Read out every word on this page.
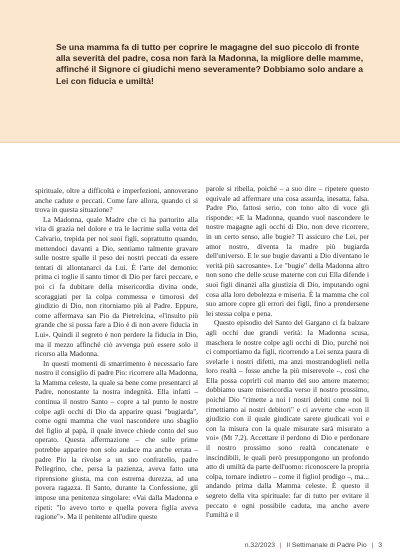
Se una mamma fa di tutto per coprire le magagne del suo piccolo di fronte alla severità del padre, cosa non farà la Madonna, la migliore delle mamme, affinché il Signore ci giudichi meno severamente? Dobbiamo solo andare a Lei con fiducia e umiltà!

spirituale, oltre a difficoltà e imperfezioni, annoverano anche cadute e peccati. Come fare allora, quando ci si trova in questa situazione?

La Madonna, quale Madre che ci ha partorito alla vita di grazia nel dolore e tra le lacrime sulla vetta del Calvario, trepida per noi suoi figli, soprattutto quando, mettendoci davanti a Dio, sentiamo talmente gravare sulle nostre spalle il peso dei nostri peccati da essere tentati di allontanarci da Lui. È l'arte del demonio: prima ci toglie il santo timor di Dio per farci peccare, e poi ci fa dubitare della misericordia divina onde, scoraggiati per la colpa commessa e timorosi del giudizio di Dio, non ritorniamo più al Padre. Eppure, come affermava san Pio da Pietrelcina, «l'insulto più grande che si possa fare a Dio è di non avere fiducia in Lui». Quindi il segreto è non perdere la fiducia in Dio, ma il mezzo affinché ciò avvenga può essere solo il ricorso alla Madonna.

In questi momenti di smarrimento è necessario fare nostro il consiglio di padre Pio: ricorrere alla Madonna, la Mamma celeste, la quale sa bene come presentarci al Padre, nonostante la nostra indegnità. Ella infatti – continua il nostro Santo – copre a tal punto le nostre colpe agli occhi di Dio da apparire quasi "bugiarda", come ogni mamma che vuol nascondere uno sbaglio del figlio al papà, il quale invece chiede conto del suo operato. Questa affermazione – che sulle prime potrebbe apparire non solo audace ma anche errata – padre Pio la rivolse a un suo confratello, padre Pellegrino, che, persa la pazienza, aveva fatto una riprensione giusta, ma con estrema durezza, ad una povera ragazza. Il Santo, durante la Confessione, gli impose una penitenza singolare: «Vai dalla Madonna e ripeti: "Io avevo torto e quella povera figlia aveva ragione"». Ma il penitente all'udire queste

parole si ribella, poiché – a suo dire – ripetere questo equivale ad affermare una cosa assurda, inesatta, falsa. Padre Pio, fattosi serio, con tono alto di voce gli risponde: «E la Madonna, quando vuol nascondere le nostre magagne agli occhi di Dio, non deve ricorrere, in un certo senso, alle bugie? Ti assicuro che Lei, per amor nostro, diventa la madre più bugiarda dell'universo. E le sue bugie davanti a Dio diventano le verità più sacrosante». Le "bugie" della Madonna altro non sono che delle scuse materne con cui Ella difende i suoi figli dinanzi alla giustizia di Dio, imputando ogni cosa alla loro debolezza e miseria. È la mamma che col suo amore copre gli errori dei figli, fino a prendersene lei stessa colpa e pena.

Questo episodio del Santo del Gargano ci fa balzare agli occhi due grandi verità: la Madonna scusa, maschera le nostre colpe agli occhi di Dio, purché noi ci comportiamo da figli, ricorrendo a Lei senza paura di svelarle i nostri difetti, ma anzi mostrandoglieli nella loro realtà – fosse anche la più miserevole –, così che Ella possa coprirli col manto del suo amore materno; dobbiamo usare misericordia verso il nostro prossimo, poiché Dio "rimette a noi i nostri debiti come noi li rimettiamo ai nostri debitori" e ci avverte che «con il giudizio con il quale giudicate sarete giudicati voi e con la misura con la quale misurate sarà misurato a voi» (Mt 7,2). Accettare il perdono di Dio e perdonare il nostro prossimo sono realtà concatenate e inscindibili, le quali però presuppongono un profondo atto di umiltà da parte dell'uomo: riconoscere la propria colpa, tornare indietro – come il figliol prodigo –, ma... andando prima dalla Mamma celeste. È questo il segreto della vita spirituale: far di tutto per evitare il peccato e ogni possibile caduta, ma anche avere l'umiltà e il

n.32/2023 | Il Settimanale di Padre Pio | 3
